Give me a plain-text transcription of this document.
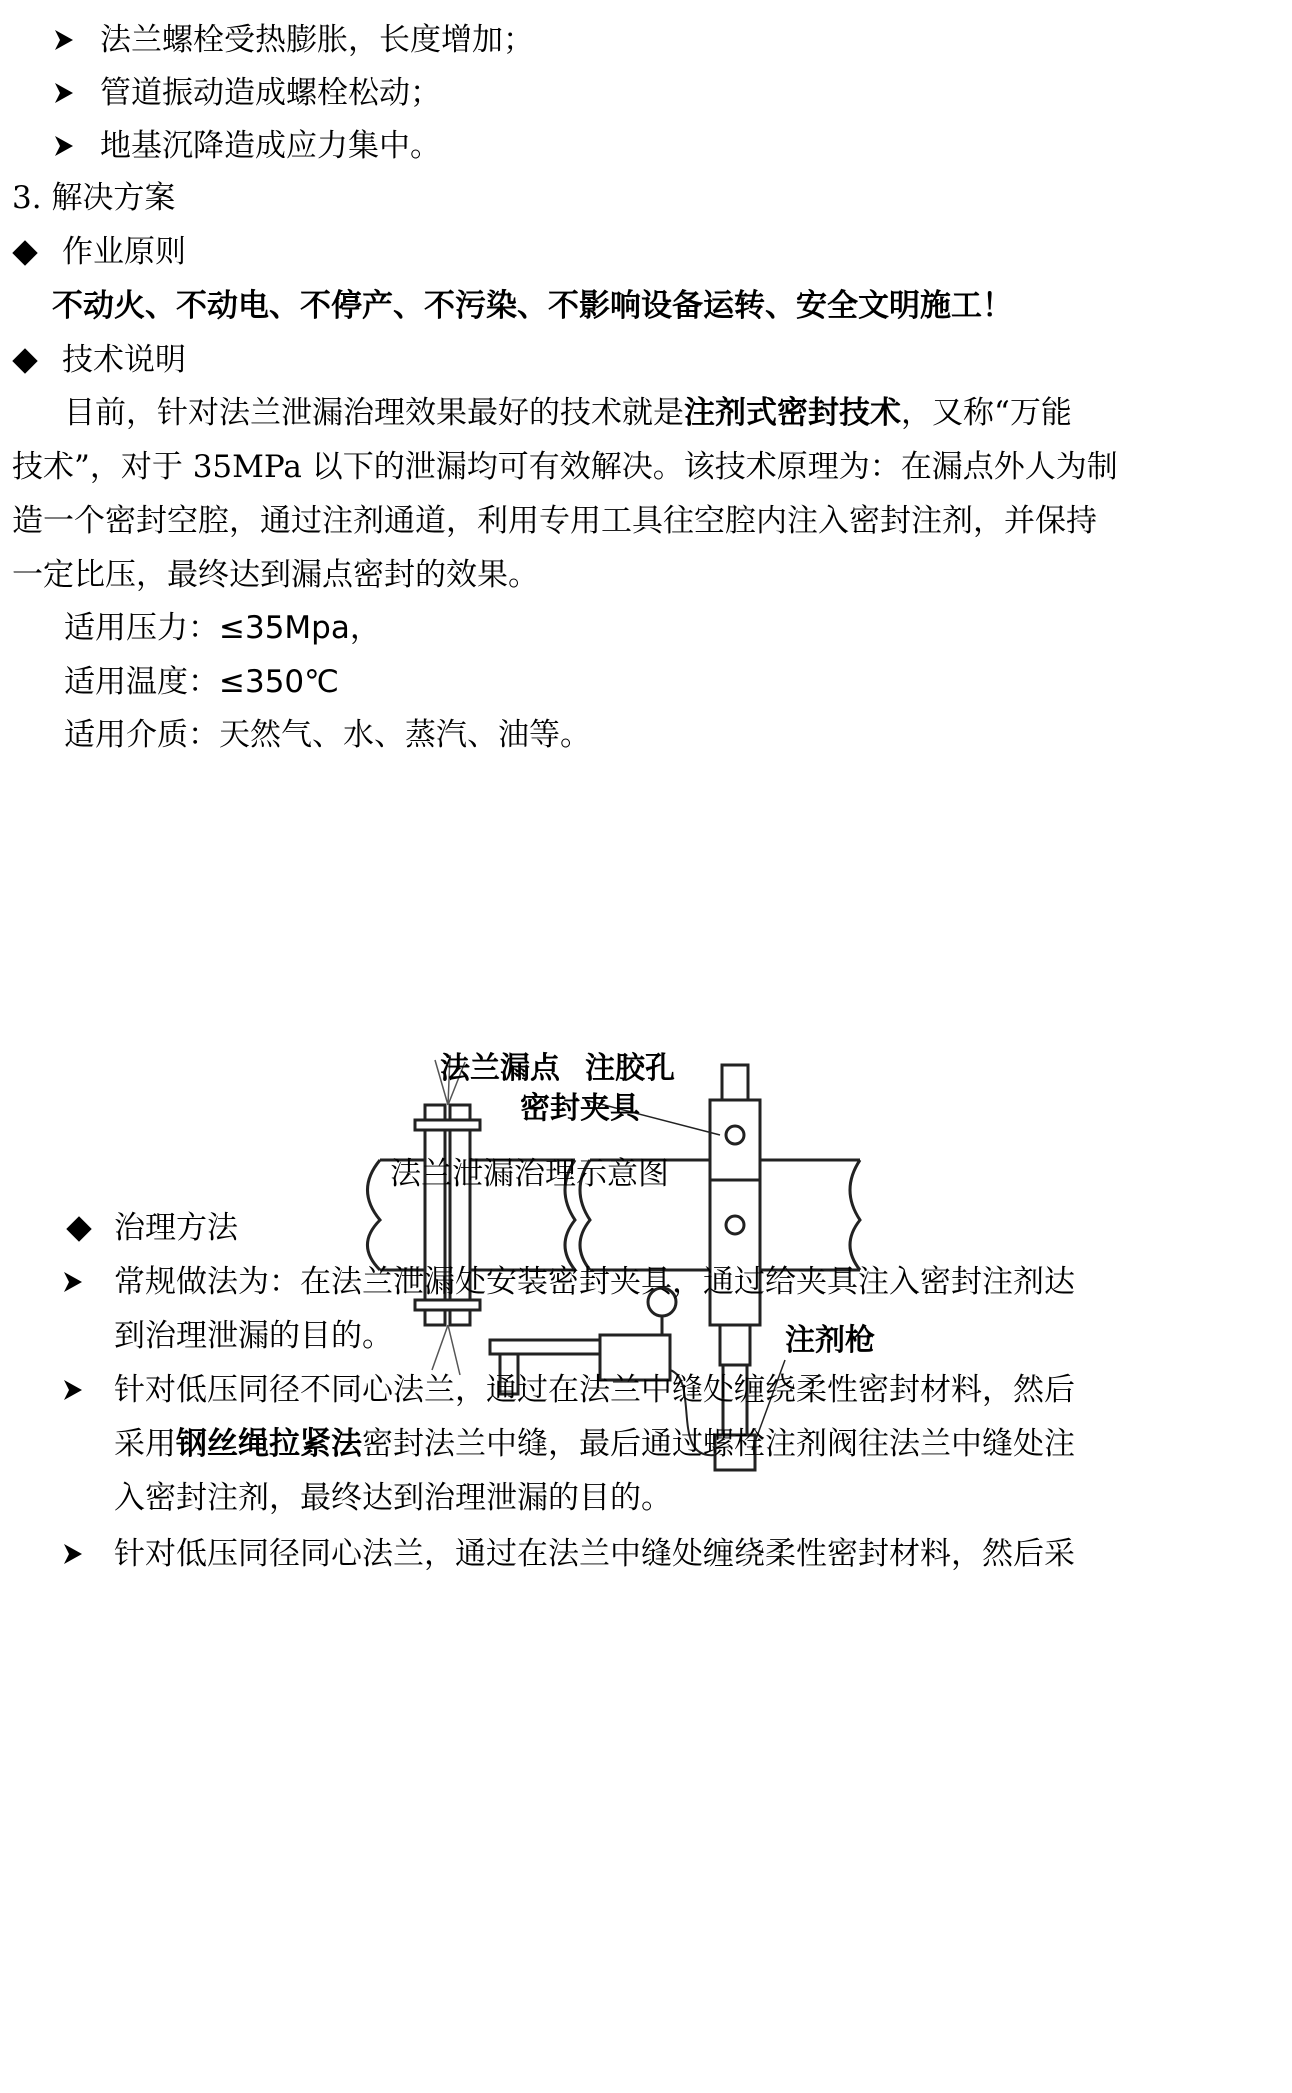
法兰螺栓受热膨胀，长度增加；
管道振动造成螺栓松动；
地基沉降造成应力集中。
3. 解决方案
作业原则
不动火、不动电、不停产、不污染、不影响设备运转、安全文明施工！
技术说明
目前，针对法兰泄漏治理效果最好的技术就是注剂式密封技术，又称“万能
技术”，对于 35MPa 以下的泄漏均可有效解决。该技术原理为：在漏点外人为制
造一个密封空腔，通过注剂通道，利用专用工具往空腔内注入密封注剂，并保持
一定比压，最终达到漏点密封的效果。
适用压力：≤35Mpa，
适用温度：≤350℃
适用介质：天然气、水、蒸汽、油等。
法兰漏点 注胶孔
密封夹具
注剂枪
法兰泄漏治理示意图
治理方法
常规做法为：在法兰泄漏处安装密封夹具，通过给夹具注入密封注剂达
到治理泄漏的目的。
针对低压同径不同心法兰，通过在法兰中缝处缠绕柔性密封材料，然后
采用钢丝绳拉紧法密封法兰中缝，最后通过螺栓注剂阀往法兰中缝处注
入密封注剂，最终达到治理泄漏的目的。
针对低压同径同心法兰，通过在法兰中缝处缠绕柔性密封材料，然后采
